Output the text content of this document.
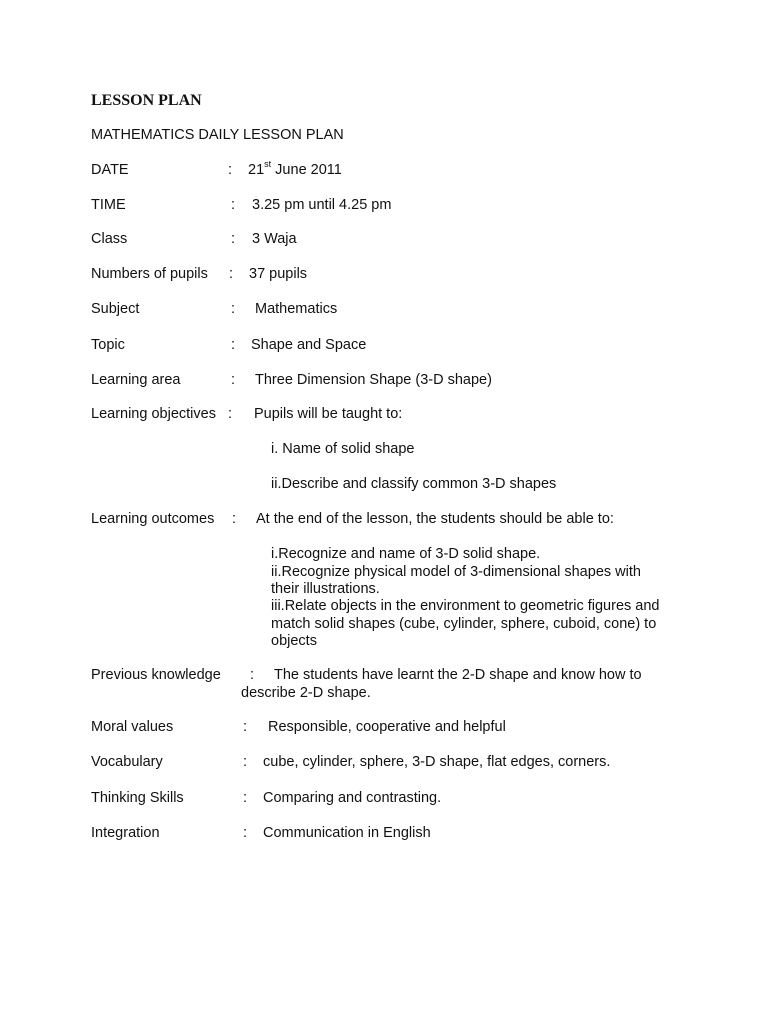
LESSON PLAN
MATHEMATICS DAILY LESSON PLAN
DATE	: 21st June 2011
TIME	: 3.25 pm until 4.25 pm
Class	: 3 Waja
Numbers of pupils : 37 pupils
Subject	: Mathematics
Topic	: Shape and Space
Learning area	: Three Dimension Shape (3-D shape)
Learning objectives : Pupils will be taught to:
i. Name of solid shape
ii.Describe and classify common 3-D shapes
Learning outcomes : At the end of the lesson, the students should be able to:
i.Recognize and name of 3-D solid shape.
ii.Recognize physical model of 3-dimensional shapes with
their illustrations.
iii.Relate objects in the environment to geometric figures and
match solid shapes (cube, cylinder, sphere, cuboid, cone) to
objects
Previous knowledge : The students have learnt the 2-D shape and know how to
describe 2-D shape.
Moral values	: Responsible, cooperative and helpful
Vocabulary	: cube, cylinder, sphere, 3-D shape, flat edges, corners.
Thinking Skills	: Comparing and contrasting.
Integration	: Communication in English
